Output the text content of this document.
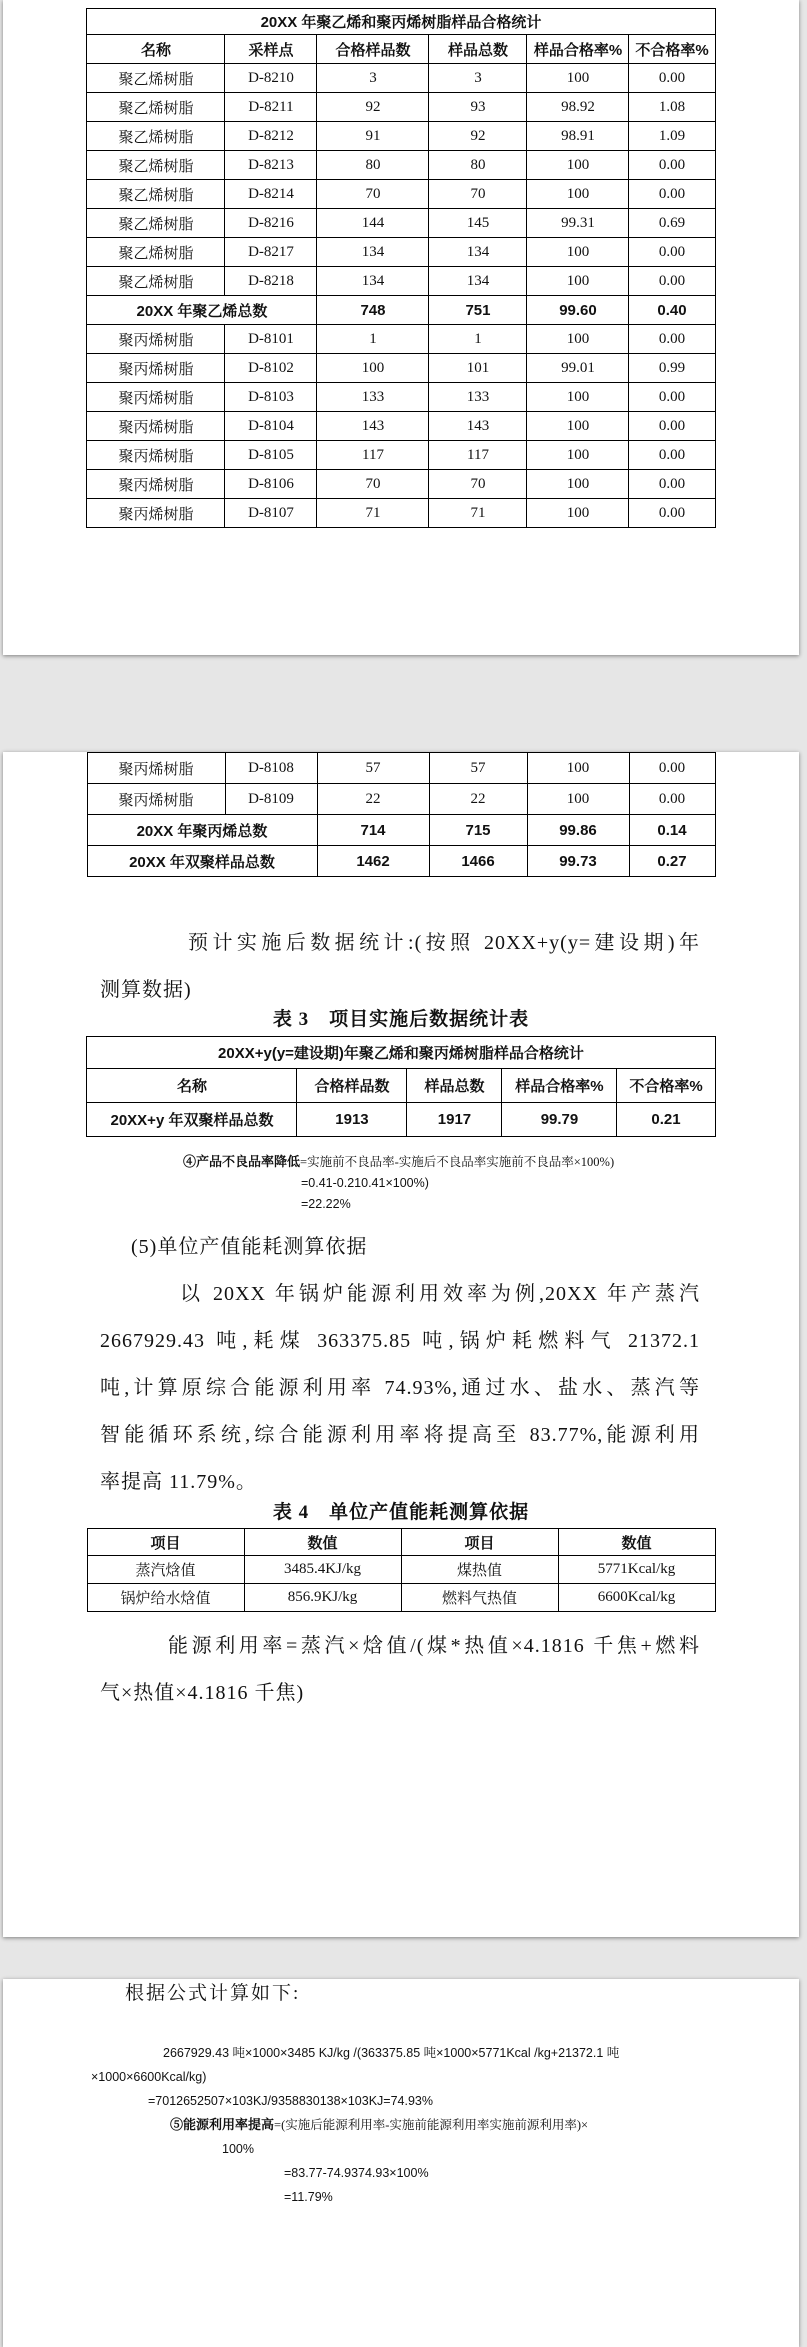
20XX 年聚乙烯和聚丙烯树脂样品合格统计					
名称	采样点	合格样品数	样品总数	样品合格率%	不合格率%
聚乙烯树脂	D-8210	3	3	100	0.00
聚乙烯树脂	D-8211	92	93	98.92	1.08
聚乙烯树脂	D-8212	91	92	98.91	1.09
聚乙烯树脂	D-8213	80	80	100	0.00
聚乙烯树脂	D-8214	70	70	100	0.00
聚乙烯树脂	D-8216	144	145	99.31	0.69
聚乙烯树脂	D-8217	134	134	100	0.00
聚乙烯树脂	D-8218	134	134	100	0.00
20XX 年聚乙烯总数		748	751	99.60	0.40
聚丙烯树脂	D-8101	1	1	100	0.00
聚丙烯树脂	D-8102	100	101	99.01	0.99
聚丙烯树脂	D-8103	133	133	100	0.00
聚丙烯树脂	D-8104	143	143	100	0.00
聚丙烯树脂	D-8105	117	117	100	0.00
聚丙烯树脂	D-8106	70	70	100	0.00
聚丙烯树脂	D-8107	71	71	100	0.00
聚丙烯树脂	D-8108	57	57	100	0.00
聚丙烯树脂	D-8109	22	22	100	0.00
20XX 年聚丙烯总数		714	715	99.86	0.14
20XX 年双聚样品总数		1462	1466	99.73	0.27
预计实施后数据统计:(按照 20XX+y(y=建设期)年
测算数据)
表 3　项目实施后数据统计表
20XX+y(y=建设期)年聚乙烯和聚丙烯树脂样品合格统计				
名称	合格样品数	样品总数	样品合格率%	不合格率%
20XX+y 年双聚样品总数	1913	1917	99.79	0.21
④产品不良品率降低=实施前不良品率-实施后不良品率实施前不良品率×100%)
=0.41-0.210.41×100%)
=22.22%
(5)单位产值能耗测算依据
以 20XX 年锅炉能源利用效率为例,20XX 年产蒸汽
2667929.43 吨,耗煤 363375.85 吨,锅炉耗燃料气 21372.1
吨,计算原综合能源利用率 74.93%,通过水、盐水、蒸汽等
智能循环系统,综合能源利用率将提高至 83.77%,能源利用
率提高 11.79%。
表 4　单位产值能耗测算依据
项目	数值	项目	数值
蒸汽焓值	3485.4KJ/kg	煤热值	5771Kcal/kg
锅炉给水焓值	856.9KJ/kg	燃料气热值	6600Kcal/kg
能源利用率=蒸汽×焓值/(煤*热值×4.1816 千焦+燃料
气×热值×4.1816 千焦)
根据公式计算如下:
2667929.43 吨×1000×3485 KJ/kg /(363375.85 吨×1000×5771Kcal /kg+21372.1 吨
×1000×6600Kcal/kg)
=7012652507×103KJ/9358830138×103KJ=74.93%
⑤能源利用率提高=(实施后能源利用率-实施前能源利用率实施前源利用率)×
100%
=83.77-74.9374.93×100%
=11.79%
